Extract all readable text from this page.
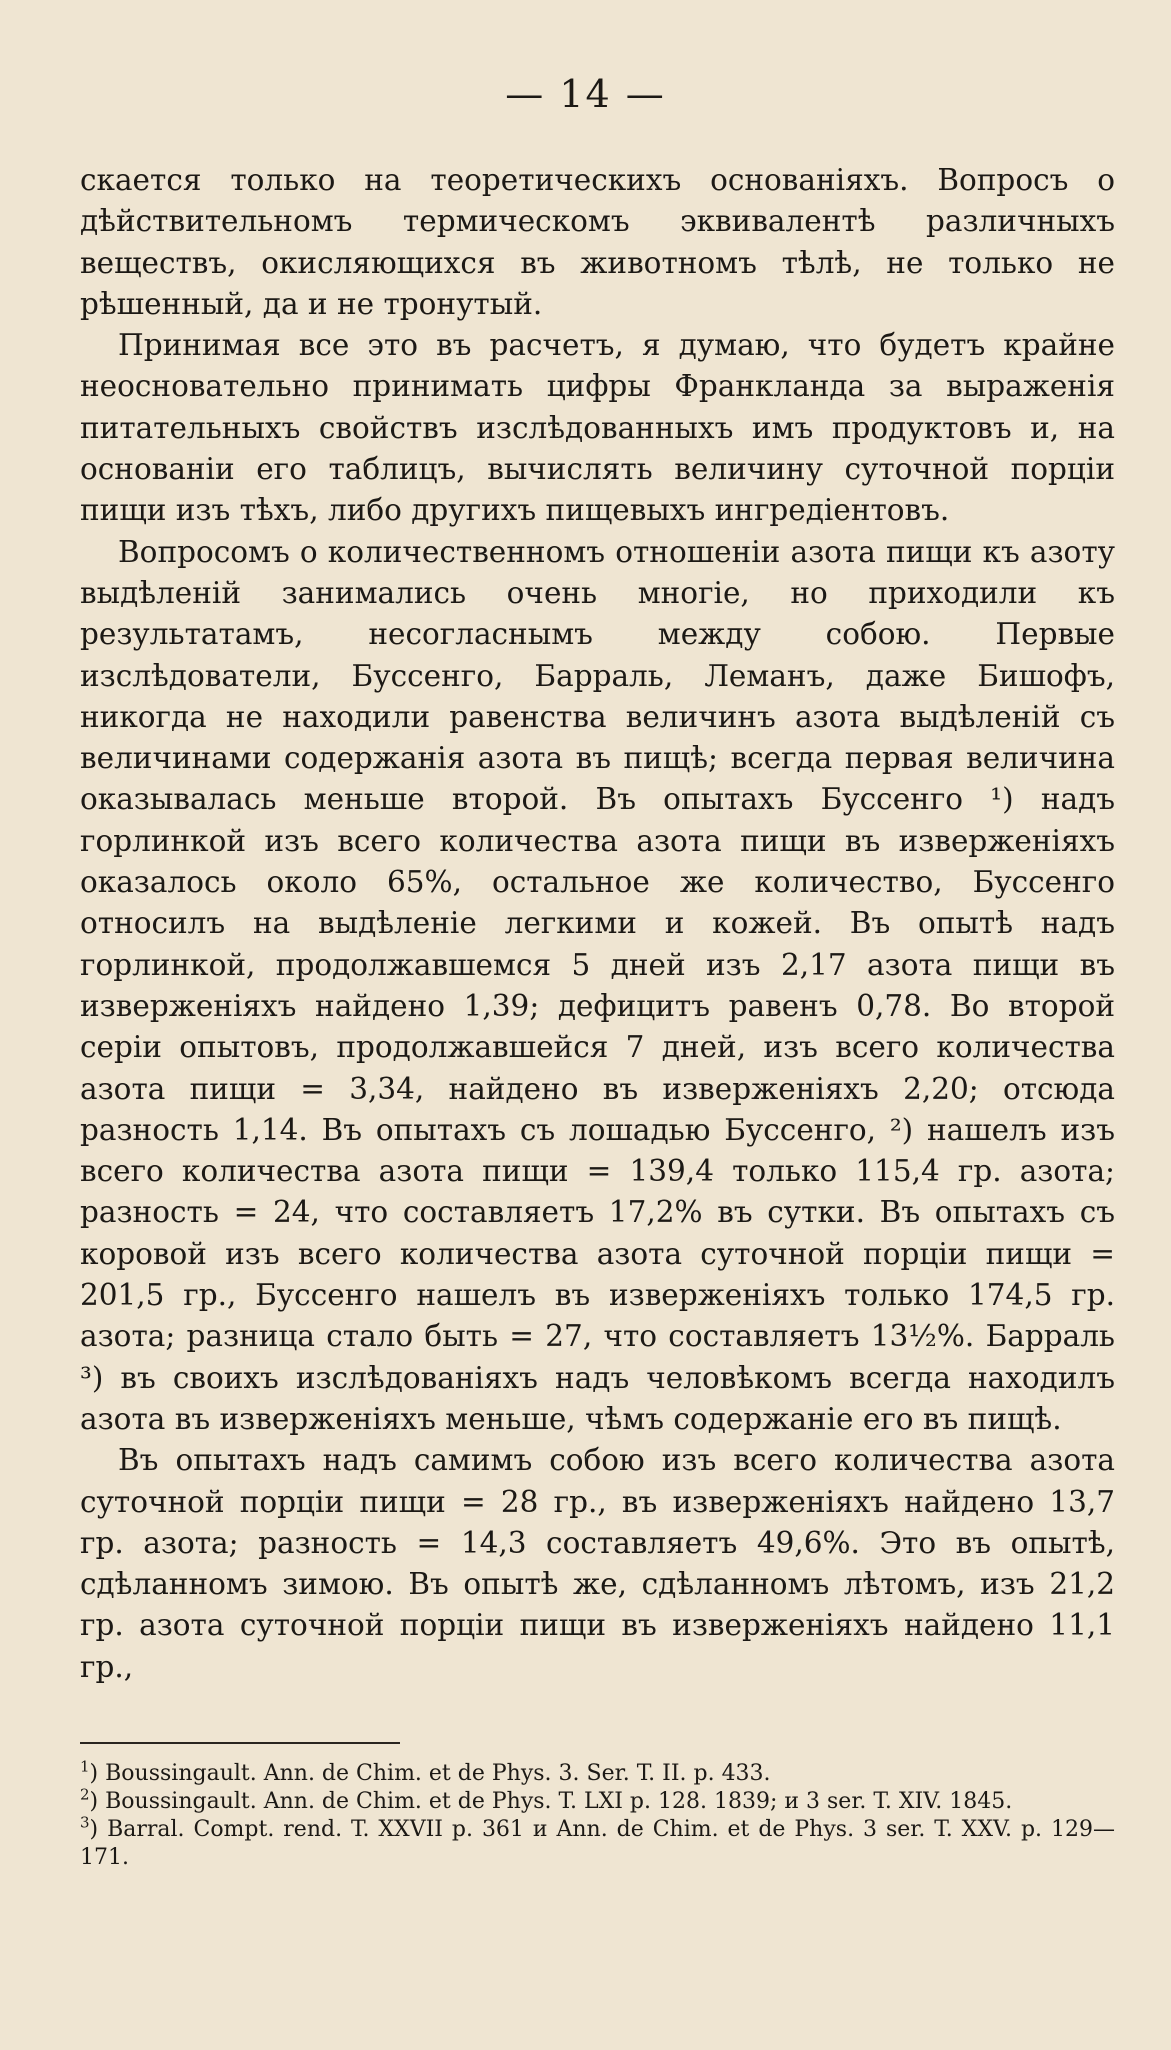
— 14 —

скается только на теоретическихъ основаніяхъ. Вопросъ о дѣйствительномъ термическомъ эквивалентѣ различныхъ веществъ, окисляющихся въ животномъ тѣлѣ, не только не рѣшенный, да и не тронутый.

Принимая все это въ расчетъ, я думаю, что будетъ крайне неосновательно принимать цифры Франкланда за выраженія питательныхъ свойствъ изслѣдованныхъ имъ продуктовъ и, на основаніи его таблицъ, вычислять величину суточной порціи пищи изъ тѣхъ, либо другихъ пищевыхъ ингредіентовъ.

Вопросомъ о количественномъ отношеніи азота пищи къ азоту выдѣленій занимались очень многіе, но приходили къ результатамъ, несогласнымъ между собою. Первые изслѣдователи, Буссенго, Барраль, Леманъ, даже Бишофъ, никогда не находили равенства величинъ азота выдѣленій съ величинами содержанія азота въ пищѣ; всегда первая величина оказывалась меньше второй. Въ опытахъ Буссенго ¹) надъ горлинкой изъ всего количества азота пищи въ изверженіяхъ оказалось около 65%, остальное же количество, Буссенго относилъ на выдѣленіе легкими и кожей. Въ опытѣ надъ горлинкой, продолжавшемся 5 дней изъ 2,17 азота пищи въ изверженіяхъ найдено 1,39; дефицитъ равенъ 0,78. Во второй серіи опытовъ, продолжавшейся 7 дней, изъ всего количества азота пищи = 3,34, найдено въ изверженіяхъ 2,20; отсюда разность 1,14. Въ опытахъ съ лошадью Буссенго, ²) нашелъ изъ всего количества азота пищи = 139,4 только 115,4 гр. азота; разность = 24, что составляетъ 17,2% въ сутки. Въ опытахъ съ коровой изъ всего количества азота суточной порціи пищи = 201,5 гр., Буссенго нашелъ въ изверженіяхъ только 174,5 гр. азота; разница стало быть = 27, что составляетъ 13½%. Барраль ³) въ своихъ изслѣдованіяхъ надъ человѣкомъ всегда находилъ азота въ изверженіяхъ меньше, чѣмъ содержаніе его въ пищѣ.

Въ опытахъ надъ самимъ собою изъ всего количества азота суточной порціи пищи = 28 гр., въ изверженіяхъ найдено 13,7 гр. азота; разность = 14,3 составляетъ 49,6%. Это въ опытѣ, сдѣланномъ зимою. Въ опытѣ же, сдѣланномъ лѣтомъ, изъ 21,2 гр. азота суточной порціи пищи въ изверженіяхъ найдено 11,1 гр.,

$^1$) Boussingault. Ann. de Chim. et de Phys. 3. Ser. T. II. p. 433.

$^2$) Boussingault. Ann. de Chim. et de Phys. T. LXI p. 128. 1839; и 3 ser. T. XIV. 1845.

$^3$) Barral. Compt. rend. T. XXVII p. 361 и Ann. de Chim. et de Phys. 3 ser. T. XXV. p. 129—171.
